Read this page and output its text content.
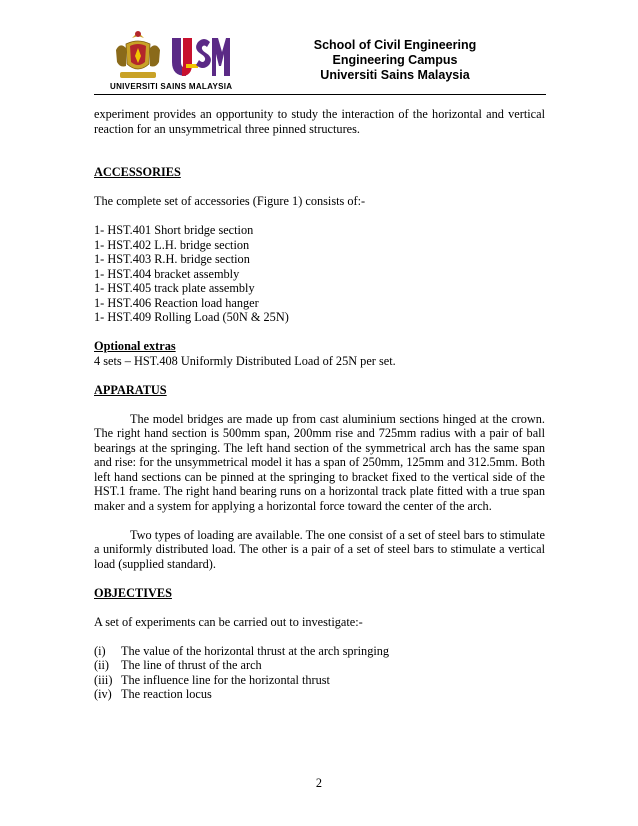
UNIVERSITI SAINS MALAYSIA
School of Civil Engineering
Engineering Campus
Universiti Sains Malaysia

experiment provides an opportunity to study the interaction of the horizontal and vertical reaction for an unsymmetrical three pinned structures.

ACCESSORIES

The complete set of accessories (Figure 1) consists of:-

1- HST.401 Short bridge section
1- HST.402 L.H. bridge section
1- HST.403 R.H. bridge section
1- HST.404 bracket assembly
1- HST.405 track plate assembly
1- HST.406 Reaction load hanger
1- HST.409 Rolling Load (50N & 25N)
Optional extras

4 sets – HST.408 Uniformly Distributed Load of 25N per set.

APPARATUS

The model bridges are made up from cast aluminium sections hinged at the crown. The right hand section is 500mm span, 200mm rise and 725mm radius with a pair of ball bearings at the springing. The left hand section of the symmetrical arch has the same span and rise: for the unsymmetrical model it has a span of 250mm, 125mm and 312.5mm. Both left hand sections can be pinned at the springing to bracket fixed to the vertical side of the HST.1 frame. The right hand bearing runs on a horizontal track plate fitted with a true span maker and a system for applying a horizontal force toward the center of the arch.

Two types of loading are available. The one consist of a set of steel bars to stimulate a uniformly distributed load. The other is a pair of a set of steel bars to stimulate a vertical load (supplied standard).

OBJECTIVES

A set of experiments can be carried out to investigate:-

(i)	The value of the horizontal thrust at the arch springing
(ii) The line of thrust of the arch
(iii) The influence line for the horizontal thrust
(iv) The reaction locus
2
